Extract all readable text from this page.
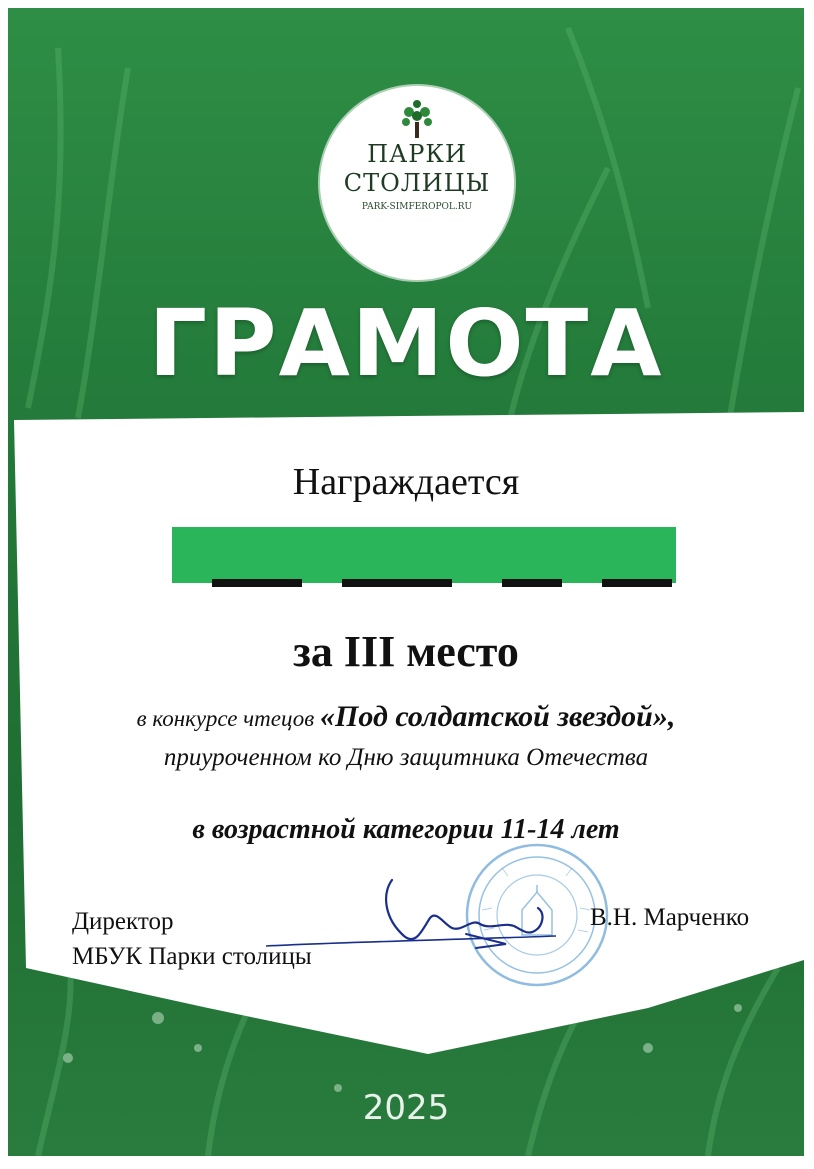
ПАРКИ
СТОЛИЦЫ
PARK-SIMFEROPOL.RU
ГРАМОТА
Награждается
за III место
в конкурсе чтецов «Под солдатской звездой»,
приуроченном ко Дню защитника Отечества
в возрастной категории 11-14 лет
Директор
МБУК Парки столицы
В.Н. Марченко
2025
